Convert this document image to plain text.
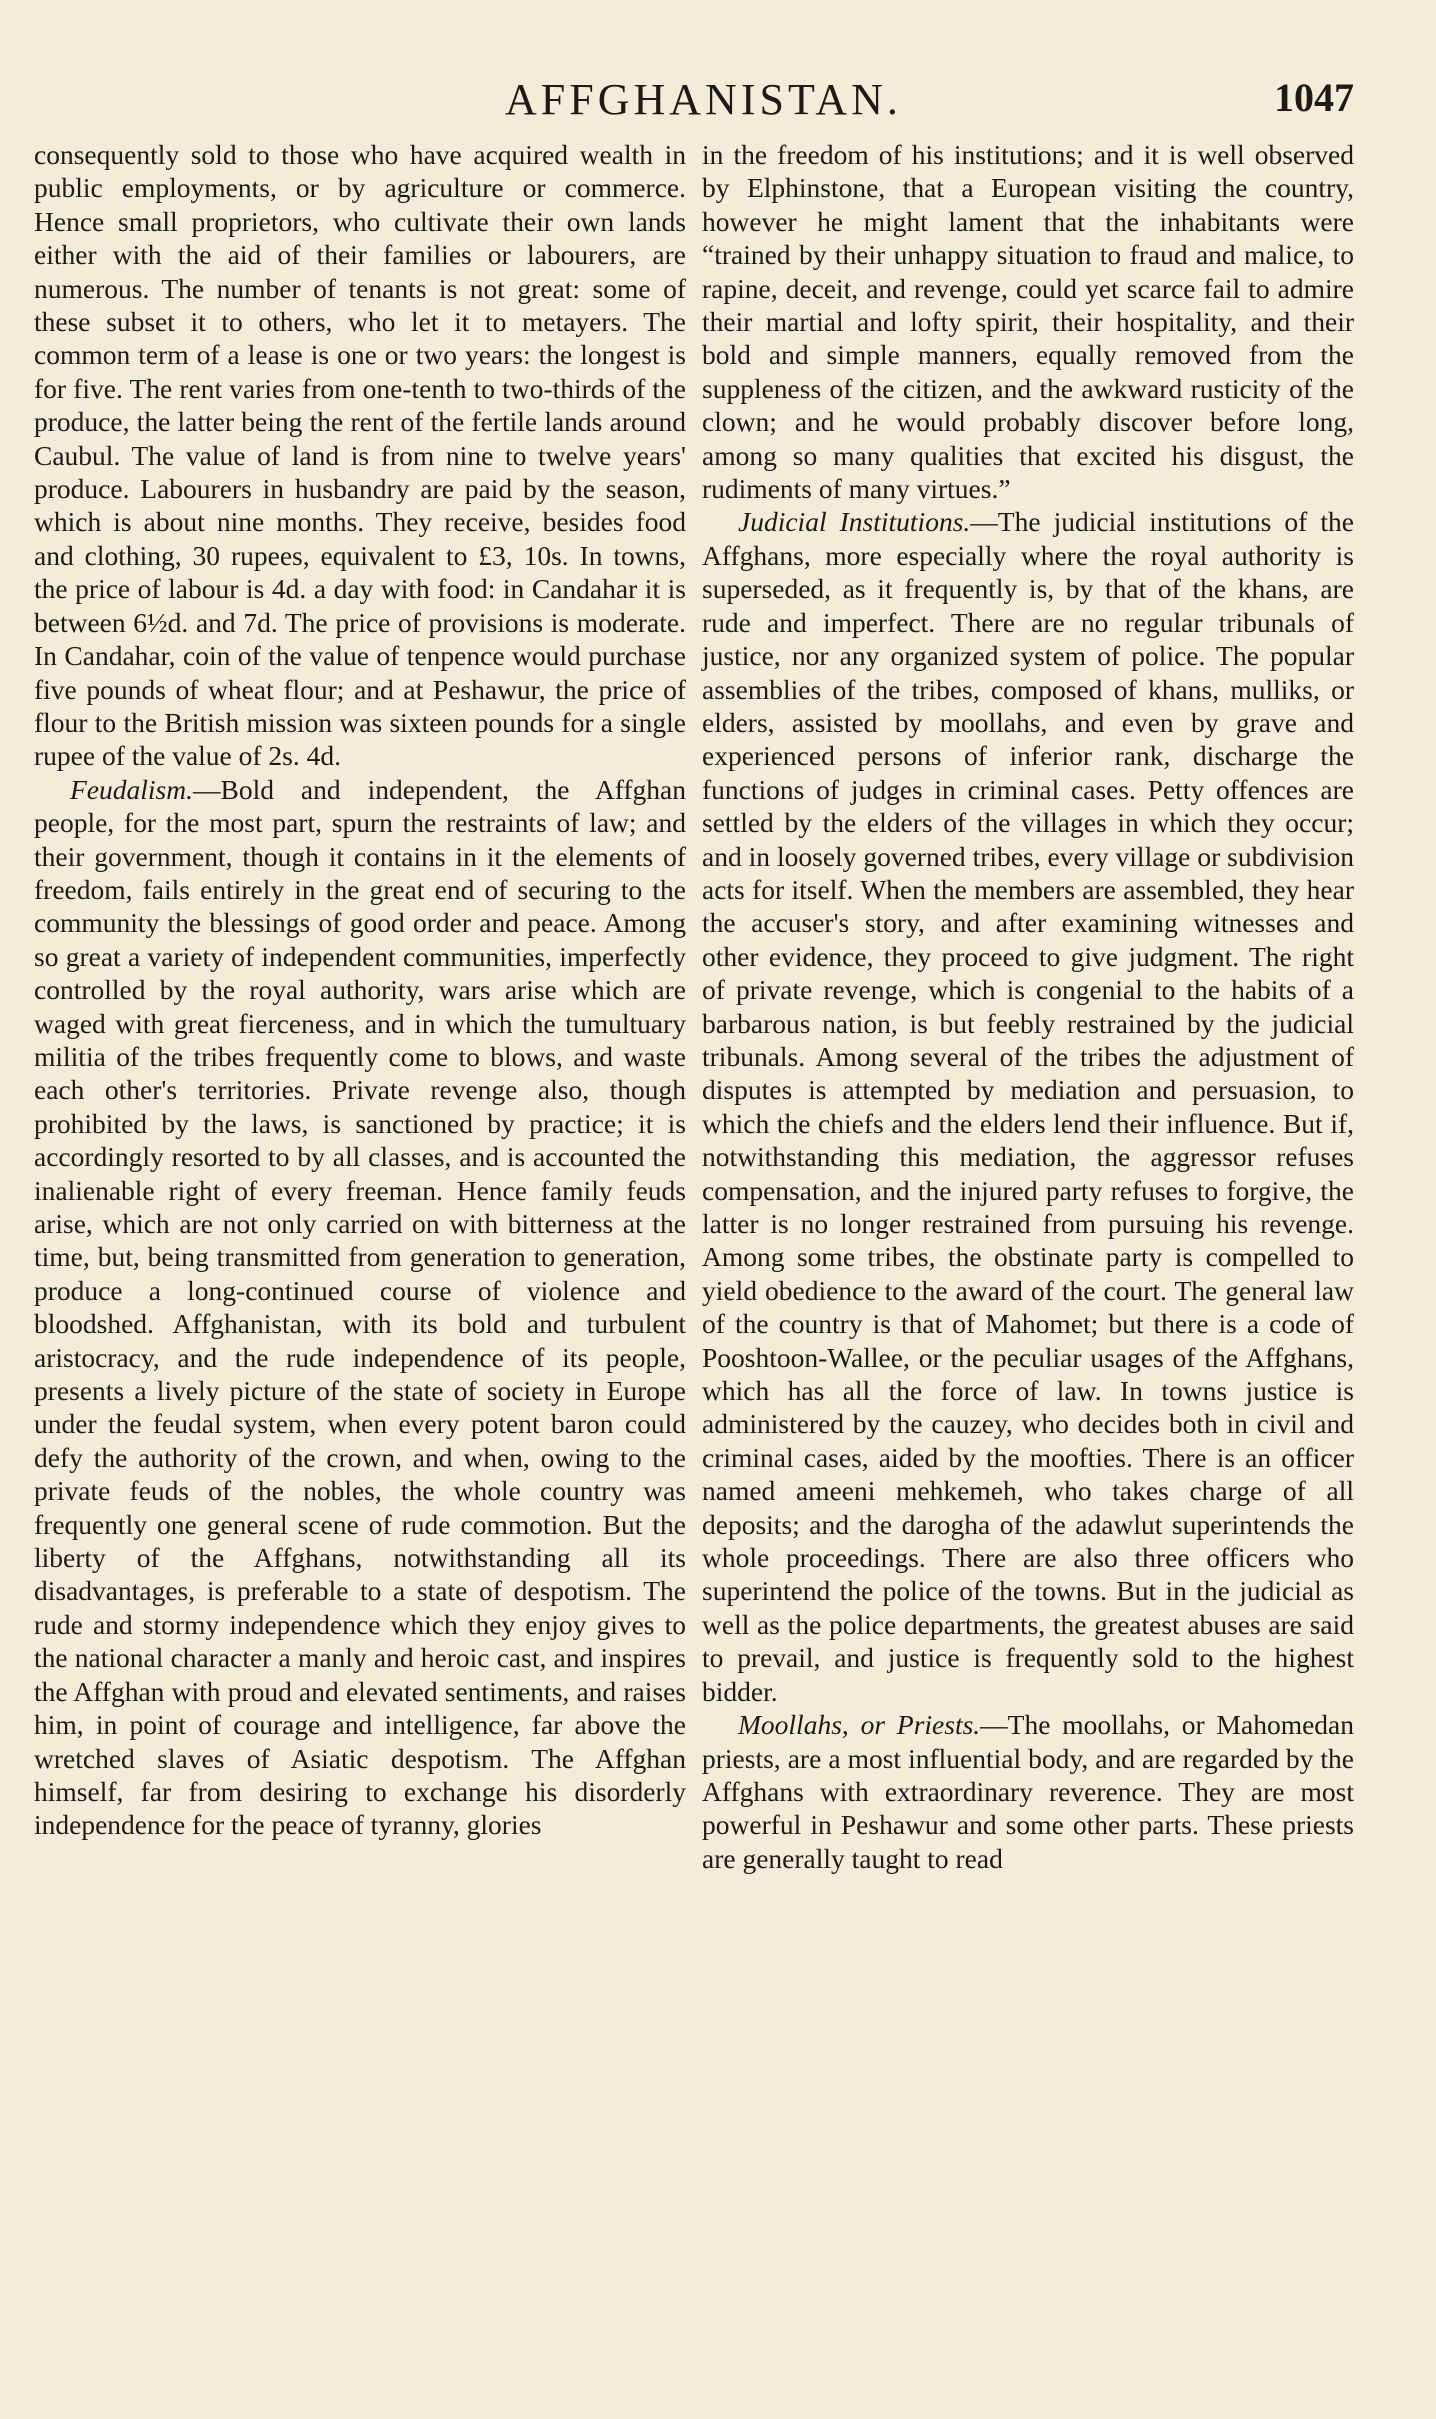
AFFGHANISTAN.	1047

consequently sold to those who have acquired wealth in public employments, or by agriculture or commerce. Hence small proprietors, who cultivate their own lands either with the aid of their families or labourers, are numerous. The number of tenants is not great: some of these subset it to others, who let it to metayers. The common term of a lease is one or two years: the longest is for five. The rent varies from one-tenth to two-thirds of the produce, the latter being the rent of the fertile lands around Caubul. The value of land is from nine to twelve years' produce. Labourers in husbandry are paid by the season, which is about nine months. They receive, besides food and clothing, 30 rupees, equivalent to £3, 10s. In towns, the price of labour is 4d. a day with food: in Candahar it is between 6½d. and 7d. The price of provisions is moderate. In Candahar, coin of the value of tenpence would purchase five pounds of wheat flour; and at Peshawur, the price of flour to the British mission was sixteen pounds for a single rupee of the value of 2s. 4d.

Feudalism.—Bold and independent, the Affghan people, for the most part, spurn the restraints of law; and their government, though it contains in it the elements of freedom, fails entirely in the great end of securing to the community the blessings of good order and peace. Among so great a variety of independent communities, imperfectly controlled by the royal authority, wars arise which are waged with great fierceness, and in which the tumultuary militia of the tribes frequently come to blows, and waste each other's territories. Private revenge also, though prohibited by the laws, is sanctioned by practice; it is accordingly resorted to by all classes, and is accounted the inalienable right of every freeman. Hence family feuds arise, which are not only carried on with bitterness at the time, but, being transmitted from generation to generation, produce a long-continued course of violence and bloodshed. Affghanistan, with its bold and turbulent aristocracy, and the rude independence of its people, presents a lively picture of the state of society in Europe under the feudal system, when every potent baron could defy the authority of the crown, and when, owing to the private feuds of the nobles, the whole country was frequently one general scene of rude commotion. But the liberty of the Affghans, notwithstanding all its disadvantages, is preferable to a state of despotism. The rude and stormy independence which they enjoy gives to the national character a manly and heroic cast, and inspires the Affghan with proud and elevated sentiments, and raises him, in point of courage and intelligence, far above the wretched slaves of Asiatic despotism. The Affghan himself, far from desiring to exchange his disorderly independence for the peace of tyranny, glories

in the freedom of his institutions; and it is well observed by Elphinstone, that a European visiting the country, however he might lament that the inhabitants were “trained by their unhappy situation to fraud and malice, to rapine, deceit, and revenge, could yet scarce fail to admire their martial and lofty spirit, their hospitality, and their bold and simple manners, equally removed from the suppleness of the citizen, and the awkward rusticity of the clown; and he would probably discover before long, among so many qualities that excited his disgust, the rudiments of many virtues.”

Judicial Institutions.—The judicial institutions of the Affghans, more especially where the royal authority is superseded, as it frequently is, by that of the khans, are rude and imperfect. There are no regular tribunals of justice, nor any organized system of police. The popular assemblies of the tribes, composed of khans, mulliks, or elders, assisted by moollahs, and even by grave and experienced persons of inferior rank, discharge the functions of judges in criminal cases. Petty offences are settled by the elders of the villages in which they occur; and in loosely governed tribes, every village or subdivision acts for itself. When the members are assembled, they hear the accuser's story, and after examining witnesses and other evidence, they proceed to give judgment. The right of private revenge, which is congenial to the habits of a barbarous nation, is but feebly restrained by the judicial tribunals. Among several of the tribes the adjustment of disputes is attempted by mediation and persuasion, to which the chiefs and the elders lend their influence. But if, notwithstanding this mediation, the aggressor refuses compensation, and the injured party refuses to forgive, the latter is no longer restrained from pursuing his revenge. Among some tribes, the obstinate party is compelled to yield obedience to the award of the court. The general law of the country is that of Mahomet; but there is a code of Pooshtoon-Wallee, or the peculiar usages of the Affghans, which has all the force of law. In towns justice is administered by the cauzey, who decides both in civil and criminal cases, aided by the moofties. There is an officer named ameeni mehkemeh, who takes charge of all deposits; and the darogha of the adawlut superintends the whole proceedings. There are also three officers who superintend the police of the towns. But in the judicial as well as the police departments, the greatest abuses are said to prevail, and justice is frequently sold to the highest bidder.

Moollahs, or Priests.—The moollahs, or Mahomedan priests, are a most influential body, and are regarded by the Affghans with extraordinary reverence. They are most powerful in Peshawur and some other parts. These priests are generally taught to read
